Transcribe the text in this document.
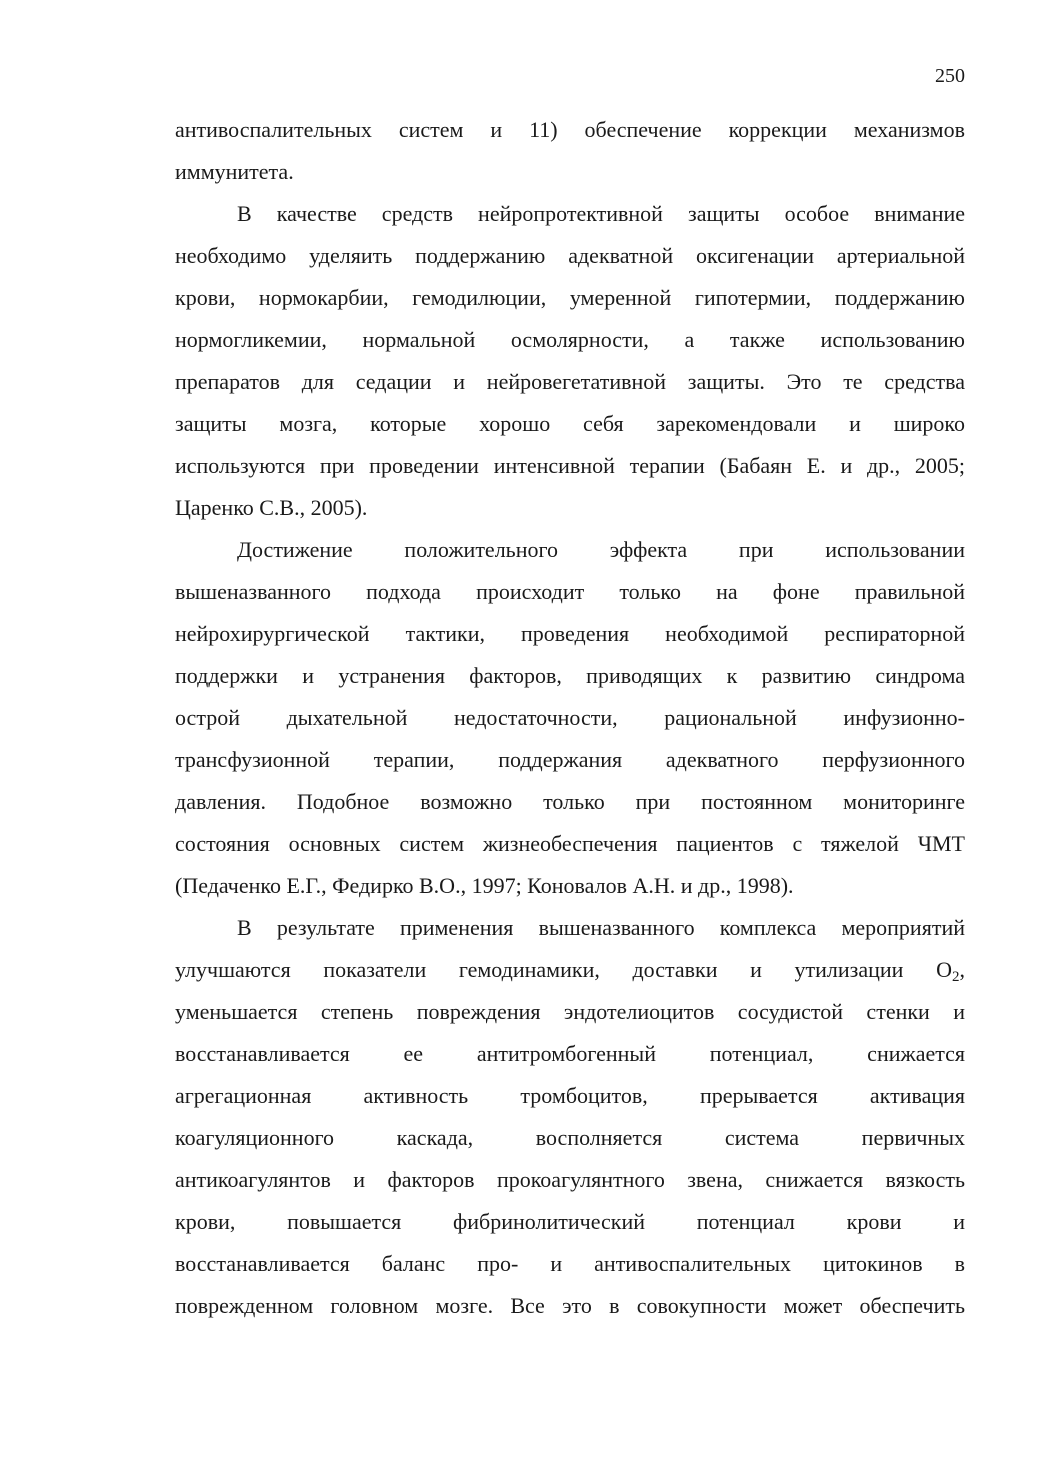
250
антивоспалительных систем и 11) обеспечение коррекции механизмов
иммунитета.
В качестве средств нейропротективной защиты особое внимание
необходимо уделяить поддержанию адекватной оксигенации артериальной
крови, нормокарбии, гемодилюции, умеренной гипотермии, поддержанию
нормогликемии, нормальной осмолярности, а также использованию
препаратов для седации и нейровегетативной защиты. Это те средства
защиты мозга, которые хорошо себя зарекомендовали и широко
используются при проведении интенсивной терапии (Бабаян Е. и др., 2005;
Царенко С.В., 2005).
Достижение положительного эффекта при использовании
вышеназванного подхода происходит только на фоне правильной
нейрохирургической тактики, проведения необходимой респираторной
поддержки и устранения факторов, приводящих к развитию синдрома
острой дыхательной недостаточности, рациональной инфузионно-
трансфузионной терапии, поддержания адекватного перфузионного
давления. Подобное возможно только при постоянном мониторинге
состояния основных систем жизнеобеспечения пациентов с тяжелой ЧМТ
(Педаченко Е.Г., Федирко В.О., 1997; Коновалов А.Н. и др., 1998).
В результате применения вышеназванного комплекса мероприятий
улучшаются показатели гемодинамики, доставки и утилизации $O_2$,
уменьшается степень повреждения эндотелиоцитов сосудистой стенки и
восстанавливается ее антитромбогенный потенциал, снижается
агрегационная активность тромбоцитов, прерывается активация
коагуляционного каскада, восполняется система первичных
антикоагулянтов и факторов прокоагулянтного звена, снижается вязкость
крови, повышается фибринолитический потенциал крови и
восстанавливается баланс про- и антивоспалительных цитокинов в
поврежденном головном мозге. Все это в совокупности может обеспечить
